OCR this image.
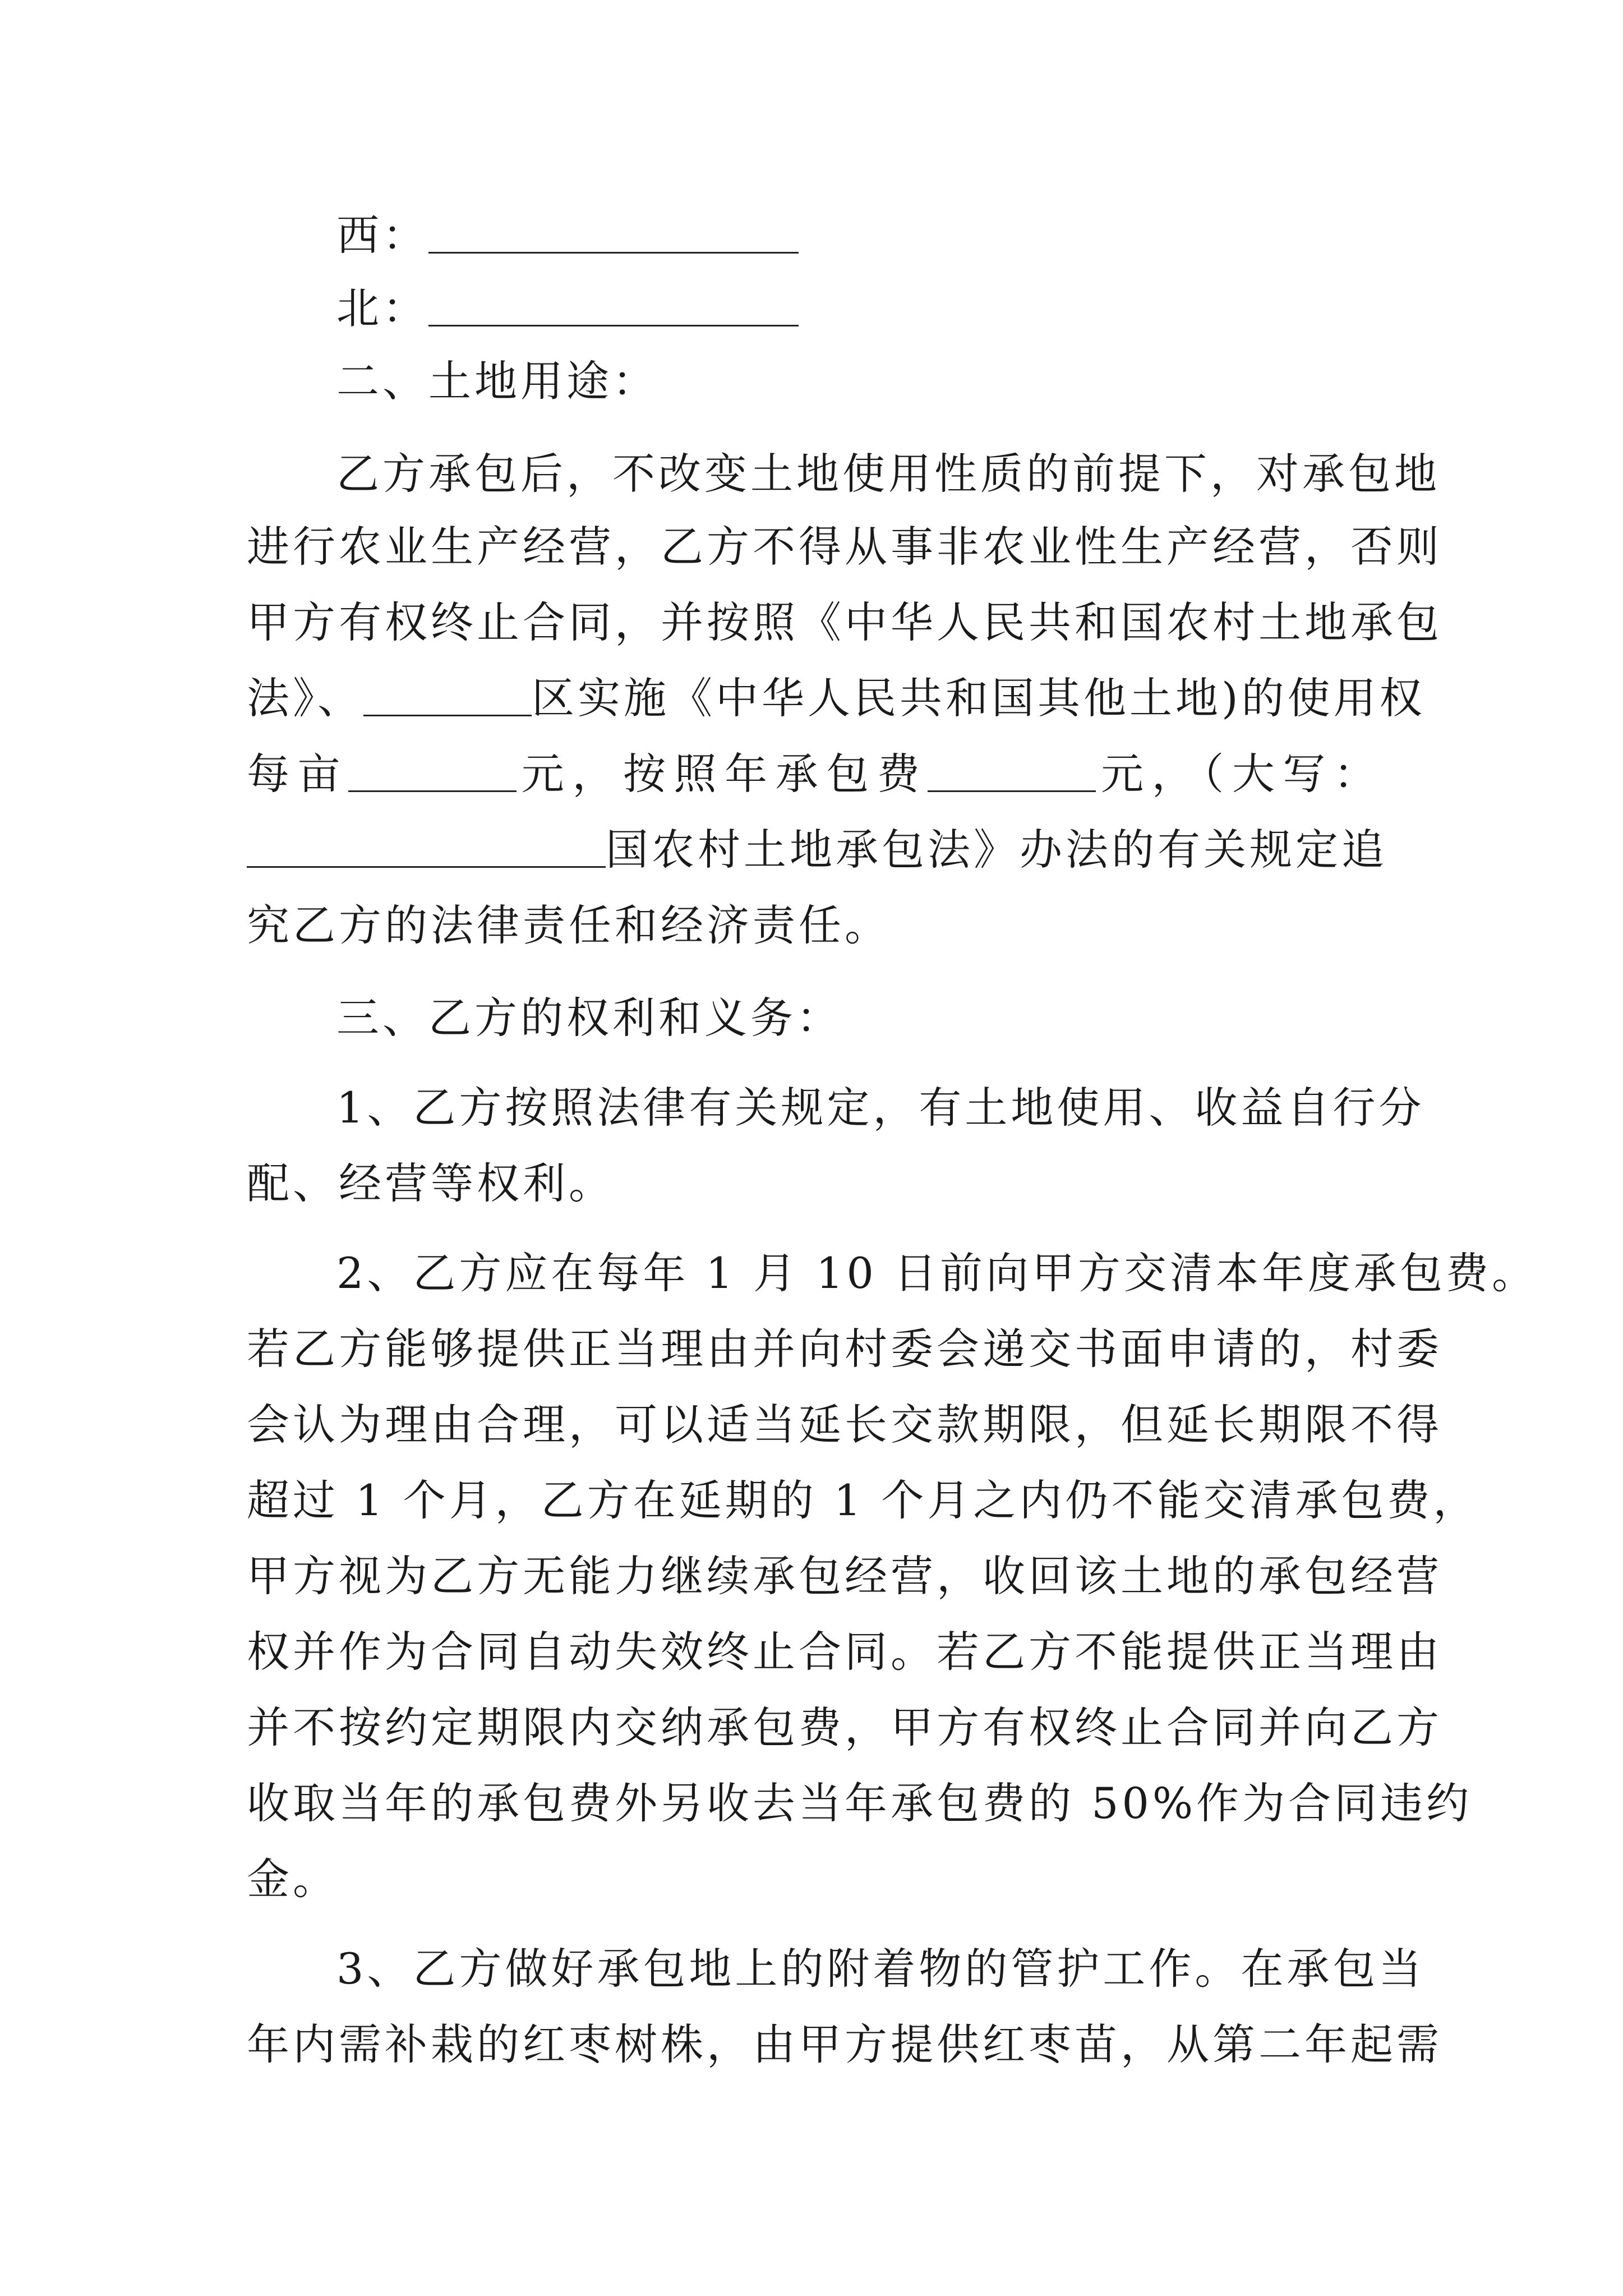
西：
北：
二、土地用途：
乙方承包后，不改变土地使用性质的前提下，对承包地
进行农业生产经营，乙方不得从事非农业性生产经营，否则
甲方有权终止合同，并按照《中华人民共和国农村土地承包
法》、	区实施《中华人民共和国其他土地)的使用权
每亩	元，按照年承包费	元，（大写：
国农村土地承包法》办法的有关规定追
究乙方的法律责任和经济责任。
三、乙方的权利和义务：
1、乙方按照法律有关规定，有土地使用、收益自行分
配、经营等权利。
2、乙方应在每年 1 月 10 日前向甲方交清本年度承包费。
若乙方能够提供正当理由并向村委会递交书面申请的，村委
会认为理由合理，可以适当延长交款期限，但延长期限不得
超过 1 个月，乙方在延期的 1 个月之内仍不能交清承包费，
甲方视为乙方无能力继续承包经营，收回该土地的承包经营
权并作为合同自动失效终止合同。若乙方不能提供正当理由
并不按约定期限内交纳承包费，甲方有权终止合同并向乙方
收取当年的承包费外另收去当年承包费的 50%作为合同违约
金。
3、乙方做好承包地上的附着物的管护工作。在承包当
年内需补栽的红枣树株，由甲方提供红枣苗，从第二年起需
